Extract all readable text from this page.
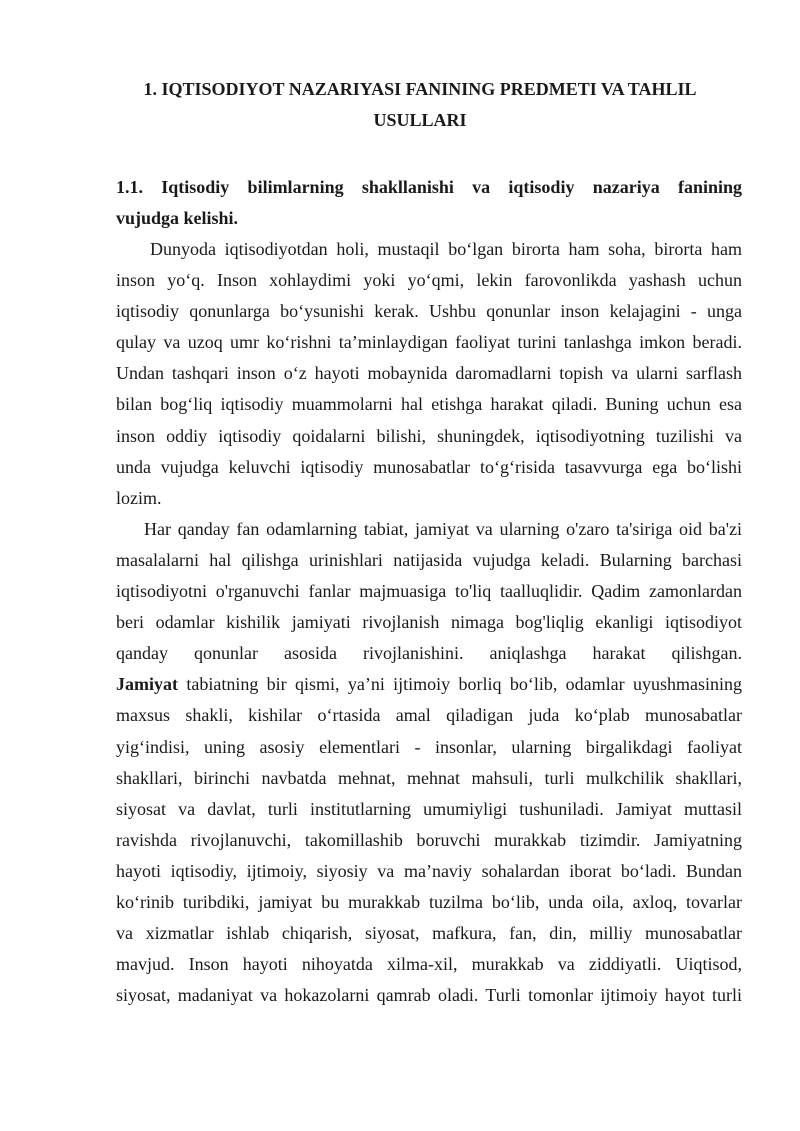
1. IQTISODIYOT NAZARIYASI FANINING PREDMETI VA TAHLIL
USULLARI
1.1. Iqtisodiy bilimlarning shakllanishi va iqtisodiy nazariya fanining
vujudga kelishi.
Dunyoda iqtisodiyotdan holi, mustaqil bo‘lgan birorta ham soha, birorta ham
inson yo‘q. Inson xohlaydimi yoki yo‘qmi, lekin farovonlikda yashash uchun
iqtisodiy qonunlarga bo‘ysunishi kerak. Ushbu qonunlar inson kelajagini - unga
qulay va uzoq umr ko‘rishni ta’minlaydigan faoliyat turini tanlashga imkon beradi.
Undan tashqari inson o‘z hayoti mobaynida daromadlarni topish va ularni sarflash
bilan bog‘liq iqtisodiy muammolarni hal etishga harakat qiladi. Buning uchun esa
inson oddiy iqtisodiy qoidalarni bilishi, shuningdek, iqtisodiyotning tuzilishi va
unda vujudga keluvchi iqtisodiy munosabatlar to‘g‘risida tasavvurga ega bo‘lishi
lozim.
Har qanday fan odamlarning tabiat, jamiyat va ularning o'zaro ta'siriga oid ba'zi
masalalarni hal qilishga urinishlari natijasida vujudga keladi. Bularning barchasi
iqtisodiyotni o'rganuvchi fanlar majmuasiga to'liq taalluqlidir. Qadim zamonlardan
beri odamlar kishilik jamiyati rivojlanish nimaga bog'liqlig ekanligi iqtisodiyot
qanday qonunlar asosida rivojlanishini. aniqlashga harakat qilishgan.
Jamiyat tabiatning bir qismi, ya’ni ijtimoiy borliq bo‘lib, odamlar uyushmasining
maxsus shakli, kishilar o‘rtasida amal qiladigan juda ko‘plab munosabatlar
yig‘indisi, uning asosiy elementlari - insonlar, ularning birgalikdagi faoliyat
shakllari, birinchi navbatda mehnat, mehnat mahsuli, turli mulkchilik shakllari,
siyosat va davlat, turli institutlarning umumiyligi tushuniladi. Jamiyat muttasil
ravishda rivojlanuvchi, takomillashib boruvchi murakkab tizimdir. Jamiyatning
hayoti iqtisodiy, ijtimoiy, siyosiy va ma’naviy sohalardan iborat bo‘ladi. Bundan
ko‘rinib turibdiki, jamiyat bu murakkab tuzilma bo‘lib, unda oila, axloq, tovarlar
va xizmatlar ishlab chiqarish, siyosat, mafkura, fan, din, milliy munosabatlar
mavjud. Inson hayoti nihoyatda xilma-xil, murakkab va ziddiyatli. Uiqtisod,
siyosat, madaniyat va hokazolarni qamrab oladi. Turli tomonlar ijtimoiy hayot turli
